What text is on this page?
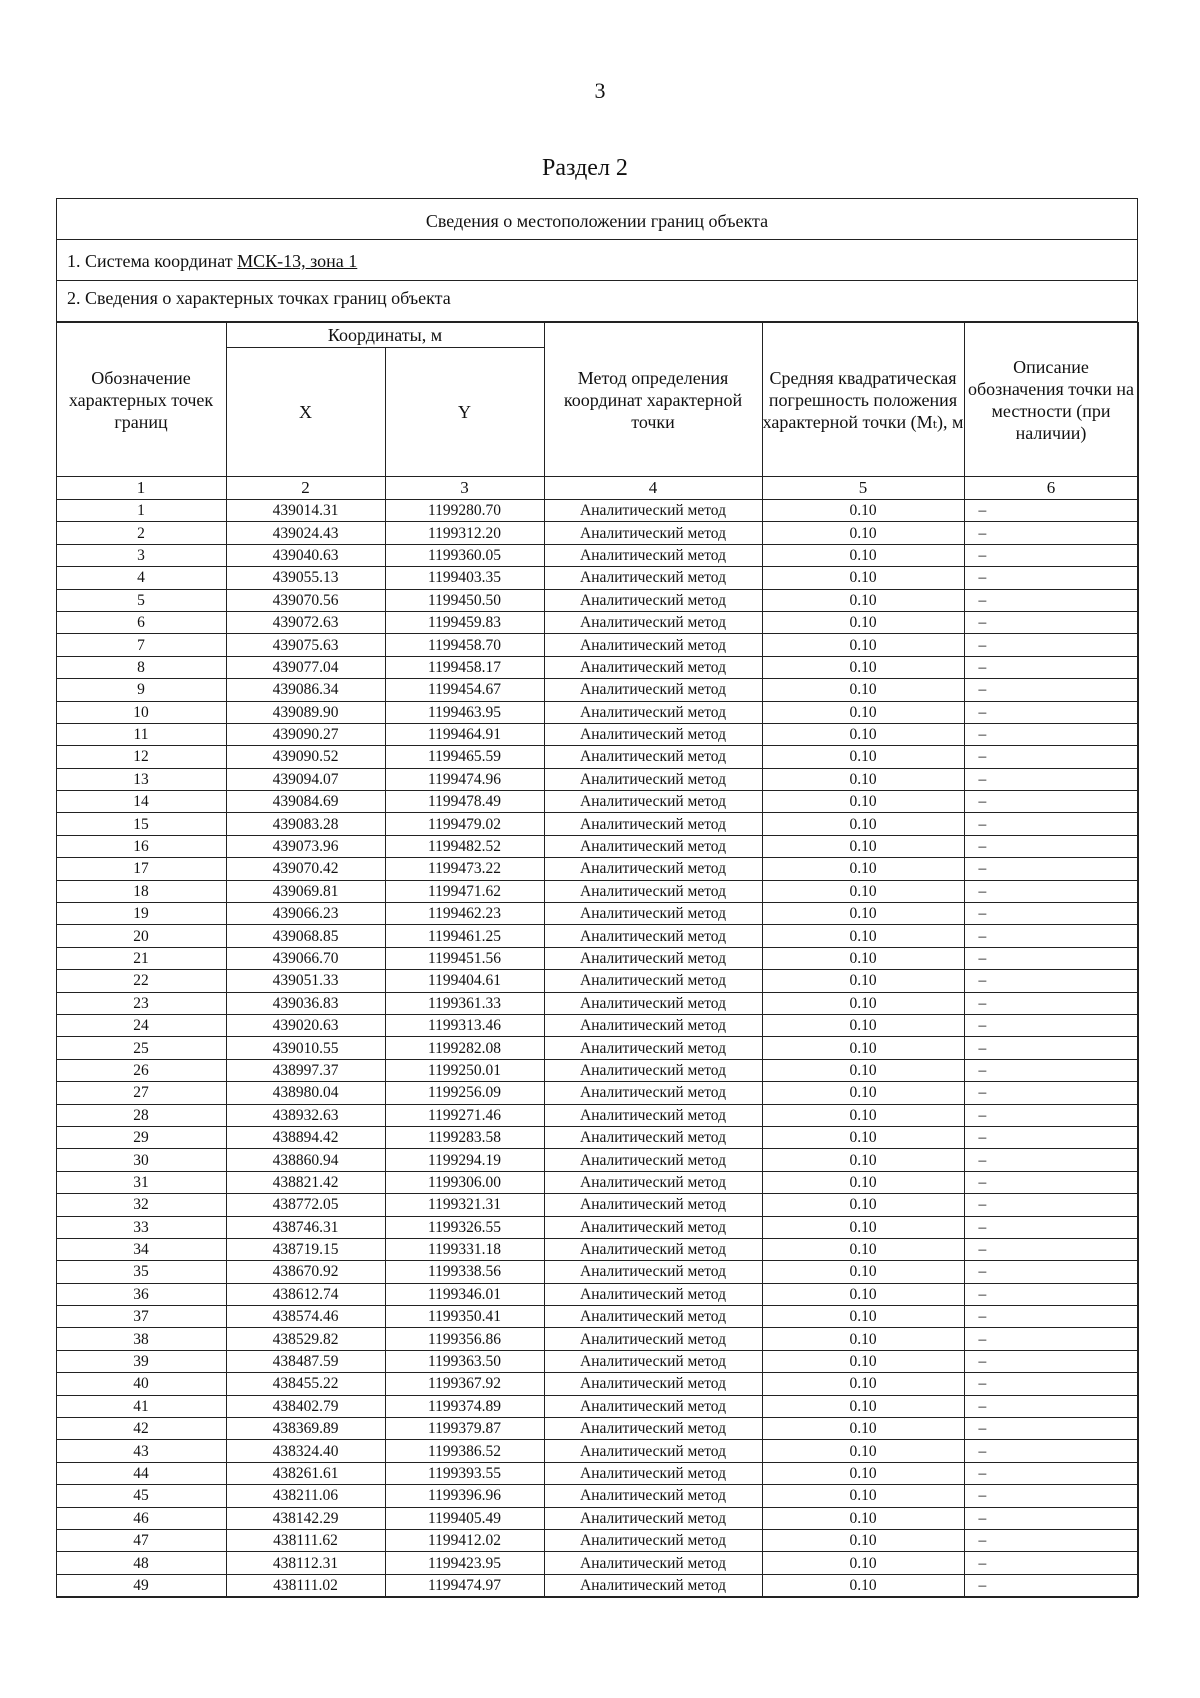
3
Раздел 2
Сведения о местоположении границ объекта
1. Система координат МСК-13, зона 1
2. Сведения о характерных точках границ объекта
Обозначение характерных точек границ	Координаты, м		Метод определения координат характерной точки	Средняя квадратическая погрешность положения характерной точки (Mₜ), м	Описание обозначения точки на местности (при наличии)
	X	Y			
1	2	3	4	5	6
1	439014.31	1199280.70	Аналитический метод	0.10	–
2	439024.43	1199312.20	Аналитический метод	0.10	–
3	439040.63	1199360.05	Аналитический метод	0.10	–
4	439055.13	1199403.35	Аналитический метод	0.10	–
5	439070.56	1199450.50	Аналитический метод	0.10	–
6	439072.63	1199459.83	Аналитический метод	0.10	–
7	439075.63	1199458.70	Аналитический метод	0.10	–
8	439077.04	1199458.17	Аналитический метод	0.10	–
9	439086.34	1199454.67	Аналитический метод	0.10	–
10	439089.90	1199463.95	Аналитический метод	0.10	–
11	439090.27	1199464.91	Аналитический метод	0.10	–
12	439090.52	1199465.59	Аналитический метод	0.10	–
13	439094.07	1199474.96	Аналитический метод	0.10	–
14	439084.69	1199478.49	Аналитический метод	0.10	–
15	439083.28	1199479.02	Аналитический метод	0.10	–
16	439073.96	1199482.52	Аналитический метод	0.10	–
17	439070.42	1199473.22	Аналитический метод	0.10	–
18	439069.81	1199471.62	Аналитический метод	0.10	–
19	439066.23	1199462.23	Аналитический метод	0.10	–
20	439068.85	1199461.25	Аналитический метод	0.10	–
21	439066.70	1199451.56	Аналитический метод	0.10	–
22	439051.33	1199404.61	Аналитический метод	0.10	–
23	439036.83	1199361.33	Аналитический метод	0.10	–
24	439020.63	1199313.46	Аналитический метод	0.10	–
25	439010.55	1199282.08	Аналитический метод	0.10	–
26	438997.37	1199250.01	Аналитический метод	0.10	–
27	438980.04	1199256.09	Аналитический метод	0.10	–
28	438932.63	1199271.46	Аналитический метод	0.10	–
29	438894.42	1199283.58	Аналитический метод	0.10	–
30	438860.94	1199294.19	Аналитический метод	0.10	–
31	438821.42	1199306.00	Аналитический метод	0.10	–
32	438772.05	1199321.31	Аналитический метод	0.10	–
33	438746.31	1199326.55	Аналитический метод	0.10	–
34	438719.15	1199331.18	Аналитический метод	0.10	–
35	438670.92	1199338.56	Аналитический метод	0.10	–
36	438612.74	1199346.01	Аналитический метод	0.10	–
37	438574.46	1199350.41	Аналитический метод	0.10	–
38	438529.82	1199356.86	Аналитический метод	0.10	–
39	438487.59	1199363.50	Аналитический метод	0.10	–
40	438455.22	1199367.92	Аналитический метод	0.10	–
41	438402.79	1199374.89	Аналитический метод	0.10	–
42	438369.89	1199379.87	Аналитический метод	0.10	–
43	438324.40	1199386.52	Аналитический метод	0.10	–
44	438261.61	1199393.55	Аналитический метод	0.10	–
45	438211.06	1199396.96	Аналитический метод	0.10	–
46	438142.29	1199405.49	Аналитический метод	0.10	–
47	438111.62	1199412.02	Аналитический метод	0.10	–
48	438112.31	1199423.95	Аналитический метод	0.10	–
49	438111.02	1199474.97	Аналитический метод	0.10	–
